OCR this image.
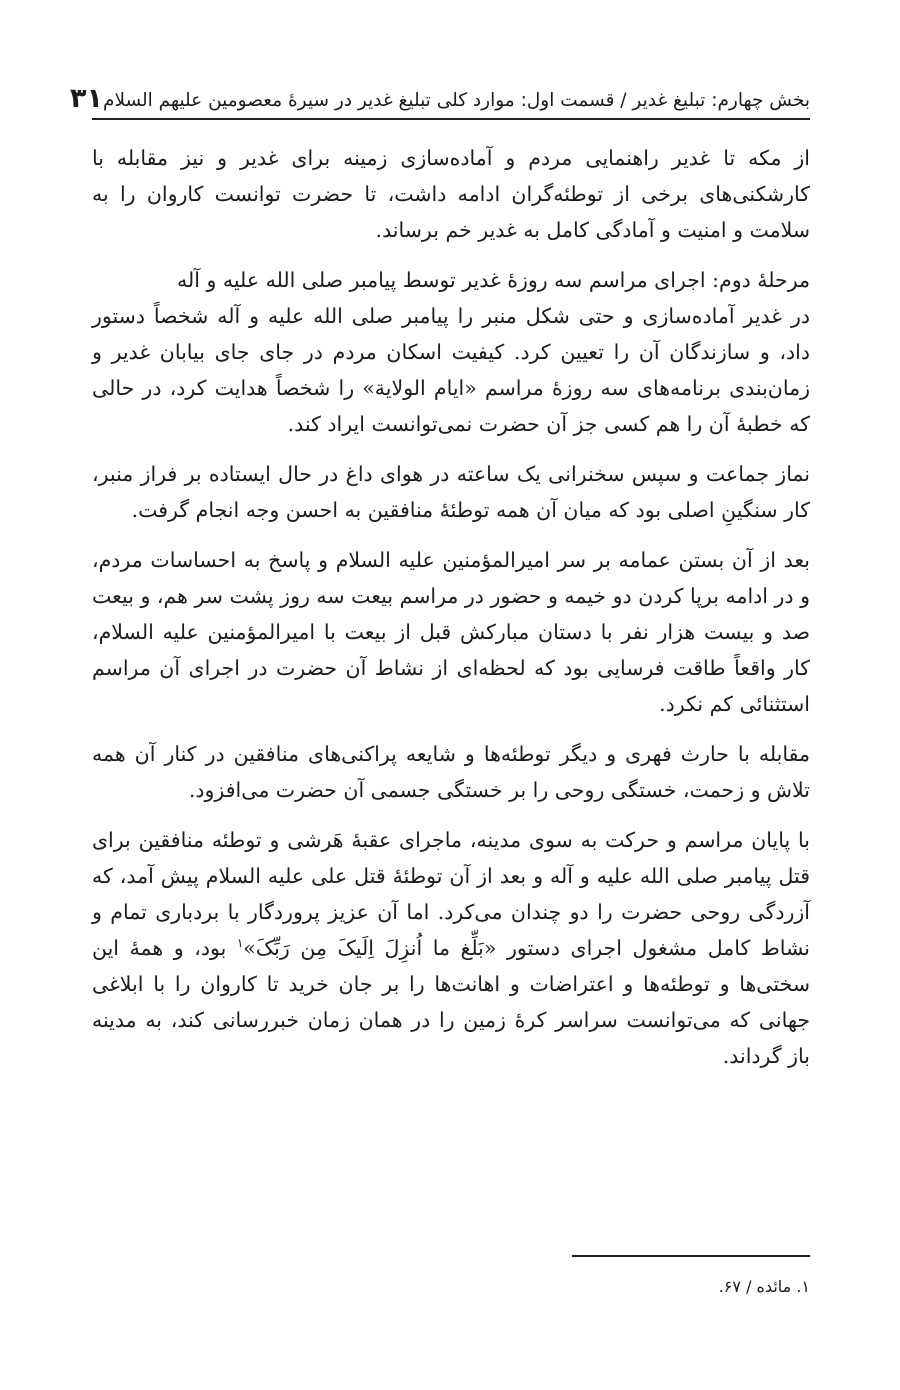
بخش چهارم: تبلیغ غدیر / قسمت اول: موارد کلی تبلیغ غدیر در سیرهٔ معصومین علیهم السلام
۳۱

از مکه تا غدیر راهنمایی مردم و آماده‌سازی زمینه برای غدیر و نیز مقابله با کارشکنی‌های برخی از توطئه‌گران ادامه داشت، تا حضرت توانست کاروان را به سلامت و امنیت و آمادگی کامل به غدیر خم برساند.

مرحلهٔ دوم: اجرای مراسم سه روزهٔ غدیر توسط پیامبر صلی الله علیه و آله

در غدیر آماده‌سازی و حتی شکل منبر را پیامبر صلی الله علیه و آله شخصاً دستور داد، و سازندگان آن را تعیین کرد. کیفیت اسکان مردم در جای جای بیابان غدیر و زمان‌بندی برنامه‌های سه روزهٔ مراسم «ایام الولایة» را شخصاً هدایت کرد، در حالی که خطبهٔ آن را هم کسی جز آن حضرت نمی‌توانست ایراد کند.

نماز جماعت و سپس سخنرانی یک ساعته در هوای داغ در حال ایستاده بر فراز منبر، کار سنگینِ اصلی بود که میان آن همه توطئهٔ منافقین به احسن وجه انجام گرفت.

بعد از آن بستن عمامه بر سر امیرالمؤمنین علیه السلام و پاسخ به احساسات مردم، و در ادامه برپا کردن دو خیمه و حضور در مراسم بیعت سه روز پشت سر هم، و بیعت صد و بیست هزار نفر با دستان مبارکش قبل از بیعت با امیرالمؤمنین علیه السلام، کار واقعاً طاقت فرسایی بود که لحظه‌ای از نشاط آن حضرت در اجرای آن مراسم استثنائی کم نکرد.

مقابله با حارث فهری و دیگر توطئه‌ها و شایعه پراکنی‌های منافقین در کنار آن همه تلاش و زحمت، خستگی روحی را بر خستگی جسمی آن حضرت می‌افزود.

با پایان مراسم و حرکت به سوی مدینه، ماجرای عقبهٔ هَرشی و توطئه منافقین برای قتل پیامبر صلی الله علیه و آله و بعد از آن توطئهٔ قتل علی علیه السلام پیش آمد، که آزردگی روحی حضرت را دو چندان می‌کرد. اما آن عزیز پروردگار با بردباری تمام و نشاط کامل مشغول اجرای دستور «بَلِّغ ما اُنزِلَ اِلَیکَ مِن رَبِّکَ»$^۱$ بود، و همهٔ این سختی‌ها و توطئه‌ها و اعتراضات و اهانت‌ها را بر جان خرید تا کاروان را با ابلاغی جهانی که می‌توانست سراسر کرهٔ زمین را در همان زمان خبررسانی کند، به مدینه باز گرداند.

۱. مائده / ۶۷.
